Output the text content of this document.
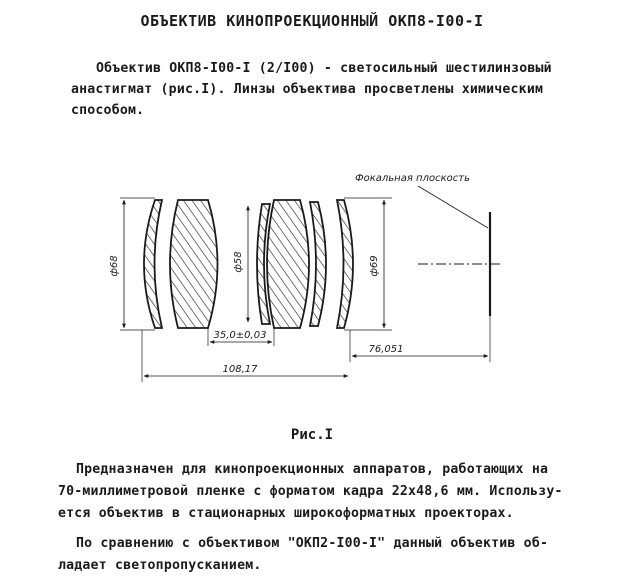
ОБЪЕКТИВ КИНОПРОЕКЦИОННЫЙ ОКП8-I00-I

Объектив ОКП8-I00-I (2/I00) - светосильный шестилинзовый

анастигмат (рис.I). Линзы объектива просветлены химическим

способом.

Фокальная плоскость
ф68	ф58	ф69
35,0±0,03
76,051
108,17
Рис.I

Предназначен для кинопроекционных аппаратов, работающих на

70-миллиметровой пленке с форматом кадра 22х48,6 мм. Использу-

ется объектив в стационарных широкоформатных проекторах.

По сравнению с объективом "ОКП2-I00-I" данный объектив об-

ладает светопропусканием.
